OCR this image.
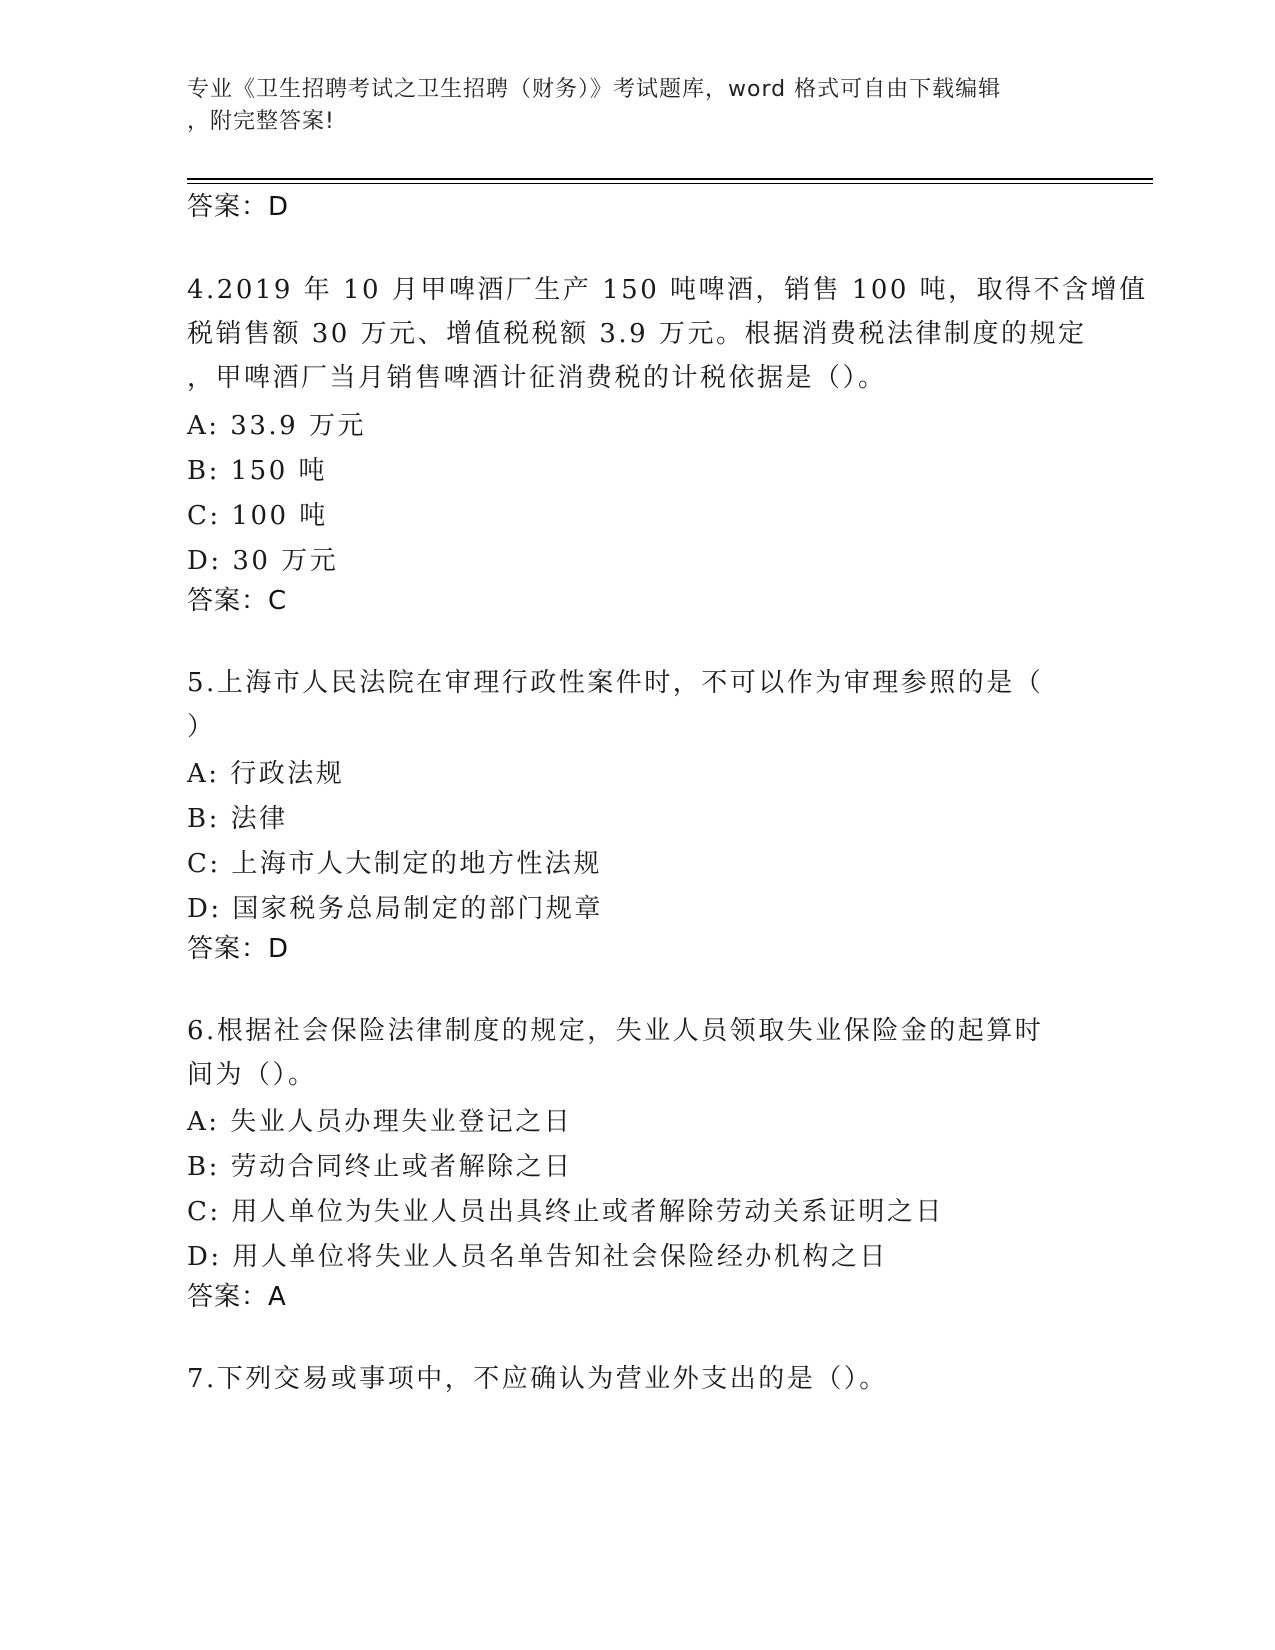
专业《卫生招聘考试之卫生招聘（财务）》考试题库，word 格式可自由下载编辑
，附完整答案!
答案：D
4.2019 年 10 月甲啤酒厂生产 150 吨啤酒，销售 100 吨，取得不含增值
税销售额 30 万元、增值税税额 3.9 万元。根据消费税法律制度的规定
，甲啤酒厂当月销售啤酒计征消费税的计税依据是（）。
A: 33.9 万元
B: 150 吨
C: 100 吨
D: 30 万元
答案：C
5.上海市人民法院在审理行政性案件时，不可以作为审理参照的是（
）
A: 行政法规
B: 法律
C: 上海市人大制定的地方性法规
D: 国家税务总局制定的部门规章
答案：D
6.根据社会保险法律制度的规定，失业人员领取失业保险金的起算时
间为（）。
A: 失业人员办理失业登记之日
B: 劳动合同终止或者解除之日
C: 用人单位为失业人员出具终止或者解除劳动关系证明之日
D: 用人单位将失业人员名单告知社会保险经办机构之日
答案：A
7.下列交易或事项中，不应确认为营业外支出的是（）。
